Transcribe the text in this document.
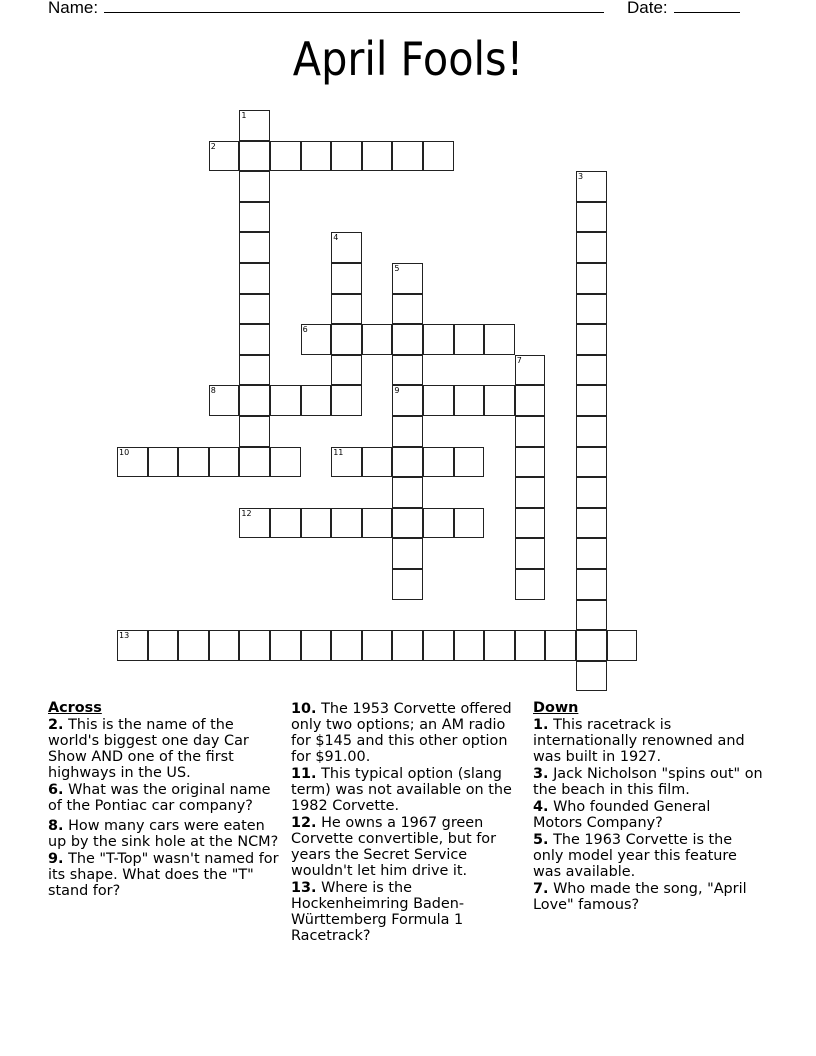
Name:	Date:
April Fools!
1
2
3
4
5
9
6
7
8
10	11
12
13
Across
2. This is the name of the world's biggest one day Car Show AND one of the first highways in the US.
6. What was the original name of the Pontiac car company?
8. How many cars were eaten up by the sink hole at the NCM?
9. The "T-Top" wasn't named for its shape. What does the "T" stand for?
10. The 1953 Corvette offered only two options; an AM radio for $145 and this other option for $91.00.
11. This typical option (slang term) was not available on the 1982 Corvette.
12. He owns a 1967 green Corvette convertible, but for years the Secret Service wouldn't let him drive it.
13. Where is the Hockenheimring Baden-Württemberg Formula 1 Racetrack?
Down
1. This racetrack is internationally renowned and was built in 1927.
3. Jack Nicholson "spins out" on the beach in this film.
4. Who founded General Motors Company?
5. The 1963 Corvette is the only model year this feature was available.
7. Who made the song, "April Love" famous?
